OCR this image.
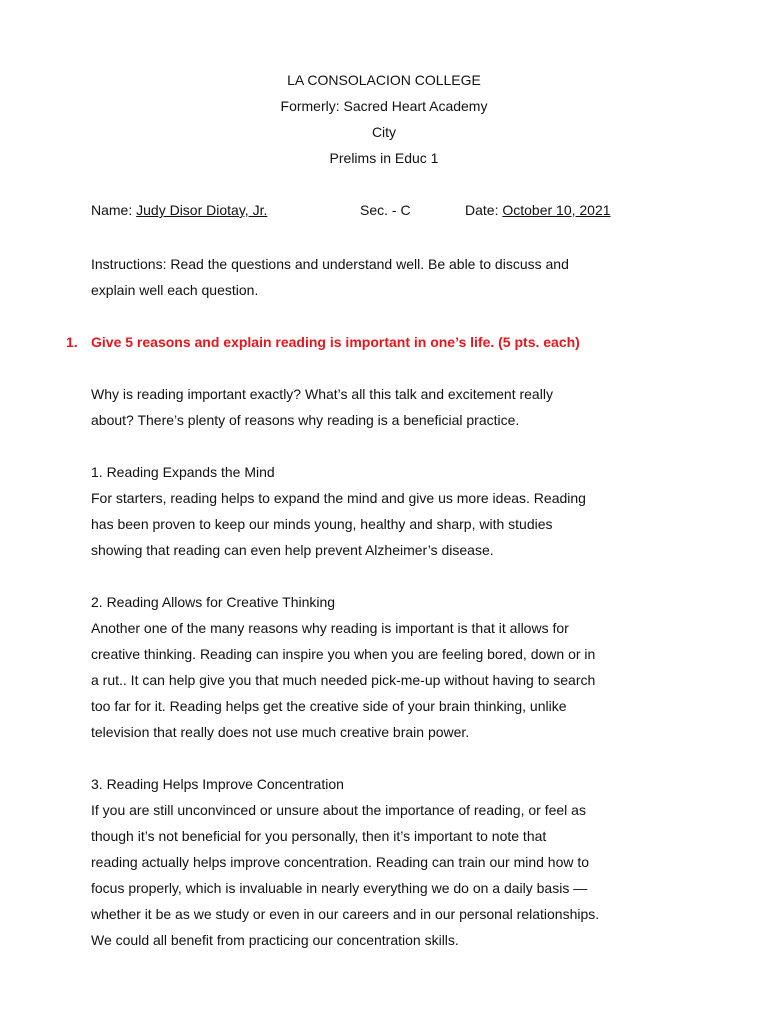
LA CONSOLACION COLLEGE
Formerly: Sacred Heart Academy
City
Prelims in Educ 1
Name: Judy Disor Diotay, Jr.	Sec. - C	Date: October 10, 2021
Instructions: Read the questions and understand well. Be able to discuss and
explain well each question.
1. Give 5 reasons and explain reading is important in one’s life. (5 pts. each)
Why is reading important exactly? What’s all this talk and excitement really
about? There’s plenty of reasons why reading is a beneficial practice.
1. Reading Expands the Mind
For starters, reading helps to expand the mind and give us more ideas. Reading
has been proven to keep our minds young, healthy and sharp, with studies
showing that reading can even help prevent Alzheimer’s disease.
2. Reading Allows for Creative Thinking
Another one of the many reasons why reading is important is that it allows for
creative thinking. Reading can inspire you when you are feeling bored, down or in
a rut.. It can help give you that much needed pick-me-up without having to search
too far for it. Reading helps get the creative side of your brain thinking, unlike
television that really does not use much creative brain power.
3. Reading Helps Improve Concentration
If you are still unconvinced or unsure about the importance of reading, or feel as
though it’s not beneficial for you personally, then it’s important to note that
reading actually helps improve concentration. Reading can train our mind how to
focus properly, which is invaluable in nearly everything we do on a daily basis —
whether it be as we study or even in our careers and in our personal relationships.
We could all benefit from practicing our concentration skills.
